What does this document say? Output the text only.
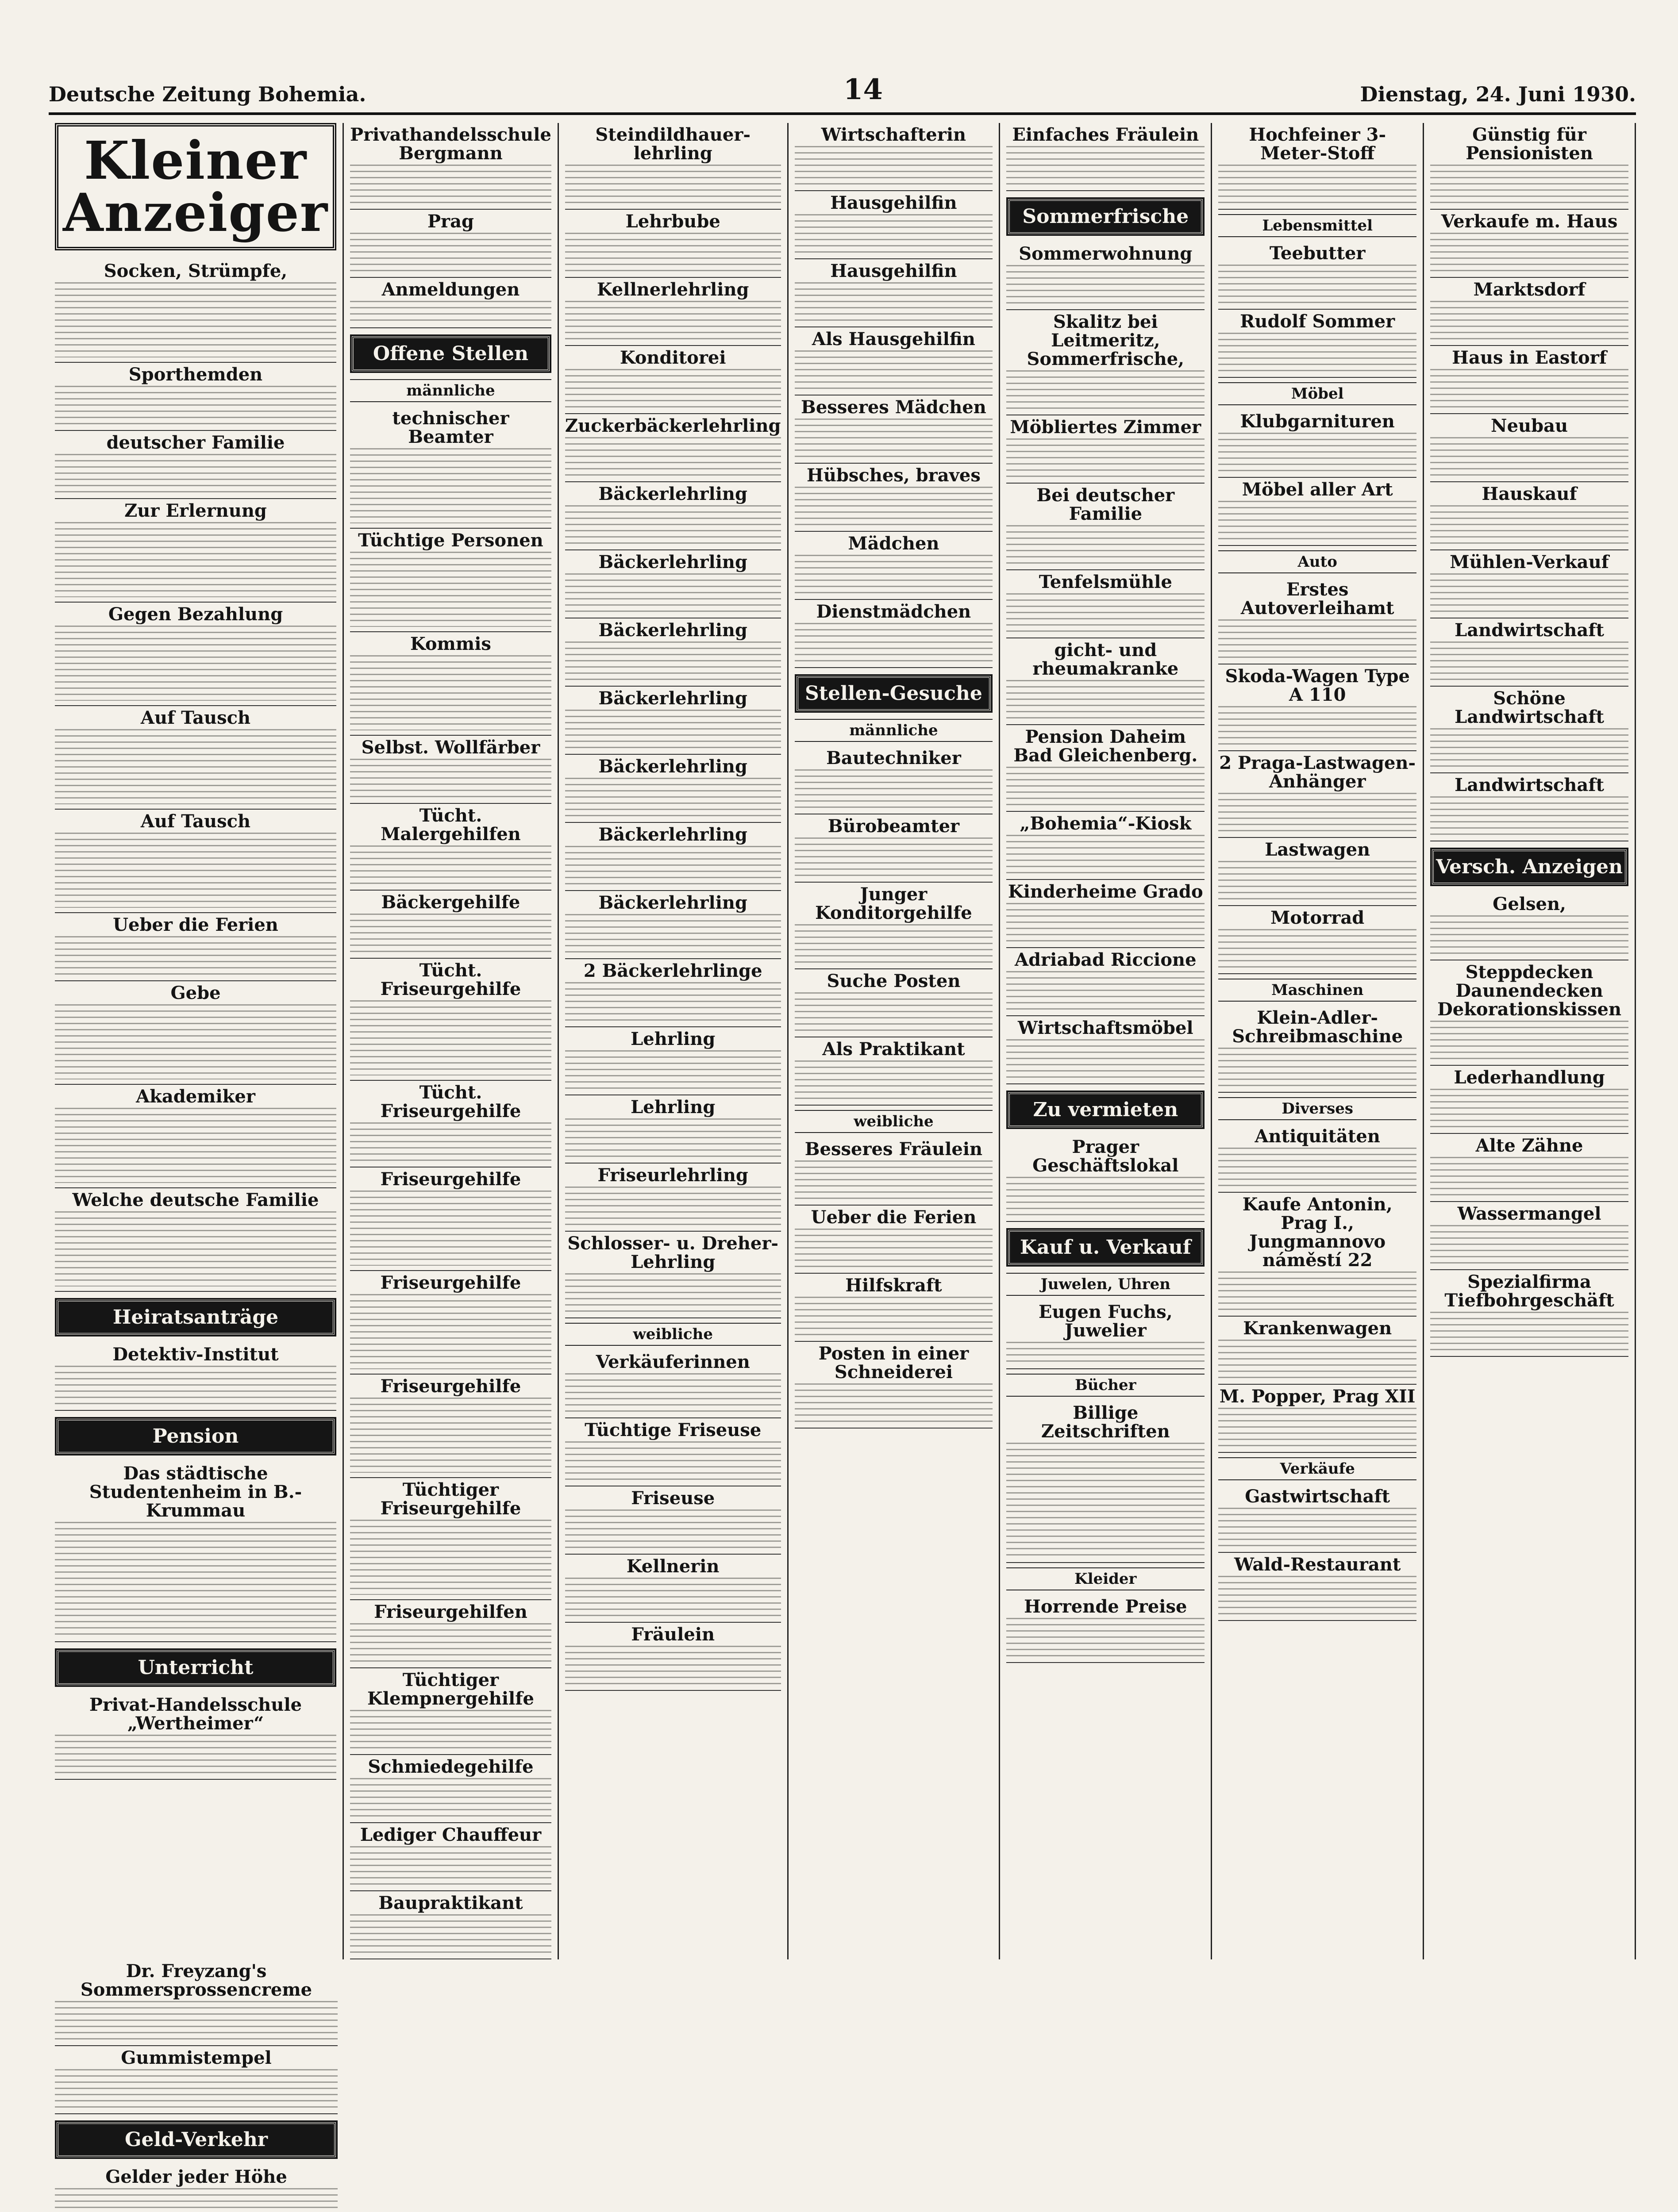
Deutsche Zeitung Bohemia.	14	Dienstag, 24. Juni 1930.
Kleiner Anzeiger
Socken, Strümpfe,
Sporthemden
deutscher Familie
Zur Erlernung
Gegen Bezahlung
Auf Tausch
Auf Tausch
Ueber die Ferien
Gebe
Akademiker
Welche deutsche Familie
Heiratsanträge
Detektiv-Institut
Pension
Das städtische Studentenheim in B.-Krummau
Unterricht
Privat-Handelsschule „Wertheimer“
Privathandelsschule Bergmann
Prag
Anmeldungen
Offene Stellen
männliche
technischer Beamter
Tüchtige Personen
Kommis
Selbst. Wollfärber
Tücht. Malergehilfen
Bäckergehilfe
Tücht. Friseurgehilfe
Tücht. Friseurgehilfe
Friseurgehilfe
Friseurgehilfe
Friseurgehilfe
Tüchtiger Friseurgehilfe
Friseurgehilfen
Tüchtiger Klempnergehilfe
Schmiedegehilfe
Lediger Chauffeur
Baupraktikant
Steindildhauer-lehrling
Lehrbube
Kellnerlehrling
Konditorei
Zuckerbäckerlehrling
Bäckerlehrling
Bäckerlehrling
Bäckerlehrling
Bäckerlehrling
Bäckerlehrling
Bäckerlehrling
Bäckerlehrling
2 Bäckerlehrlinge
Lehrling
Lehrling
Friseurlehrling
Schlosser- u. Dreher-Lehrling
weibliche
Verkäuferinnen
Tüchtige Friseuse
Friseuse
Kellnerin
Fräulein
Wirtschafterin
Hausgehilfin
Hausgehilfin
Als Hausgehilfin
Besseres Mädchen
Hübsches, braves
Mädchen
Dienstmädchen
Stellen-Gesuche
männliche
Bautechniker
Bürobeamter
Junger Konditorgehilfe
Suche Posten
Als Praktikant
weibliche
Besseres Fräulein
Ueber die Ferien
Hilfskraft
Posten in einer Schneiderei
Einfaches Fräulein
Sommerfrische
Sommerwohnung
Skalitz bei Leitmeritz, Sommerfrische,
Möbliertes Zimmer
Bei deutscher Familie
Tenfelsmühle
gicht- und rheumakranke
Pension Daheim Bad Gleichenberg.
„Bohemia“-Kiosk
Kinderheime Grado
Adriabad Riccione
Wirtschaftsmöbel
Zu vermieten
Prager Geschäftslokal
Kauf u. Verkauf
Juwelen, Uhren
Eugen Fuchs, Juwelier
Bücher
Billige Zeitschriften
Kleider
Horrende Preise
Hochfeiner 3-Meter-Stoff
Lebensmittel
Teebutter
Rudolf Sommer
Möbel
Klubgarnituren
Möbel aller Art
Auto
Erstes Autoverleihamt
Skoda-Wagen Type A 110
2 Praga-Lastwagen-Anhänger
Lastwagen
Motorrad
Maschinen
Klein-Adler-Schreibmaschine
Diverses
Antiquitäten
Kaufe Antonin, Prag I., Jungmannovo náměstí 22
Krankenwagen
M. Popper, Prag XII
Verkäufe
Gastwirtschaft
Wald-Restaurant
Günstig für Pensionisten
Verkaufe m. Haus
Marktsdorf
Haus in Eastorf
Neubau
Hauskauf
Mühlen-Verkauf
Landwirtschaft
Schöne Landwirtschaft
Landwirtschaft
Versch. Anzeigen
Gelsen,
Steppdecken Daunendecken Dekorationskissen
Lederhandlung
Alte Zähne
Wassermangel
Spezialfirma Tiefbohrgeschäft
Dr. Freyzang's Sommersprossencreme
Gummistempel
Geld-Verkehr
Gelder jeder Höhe
